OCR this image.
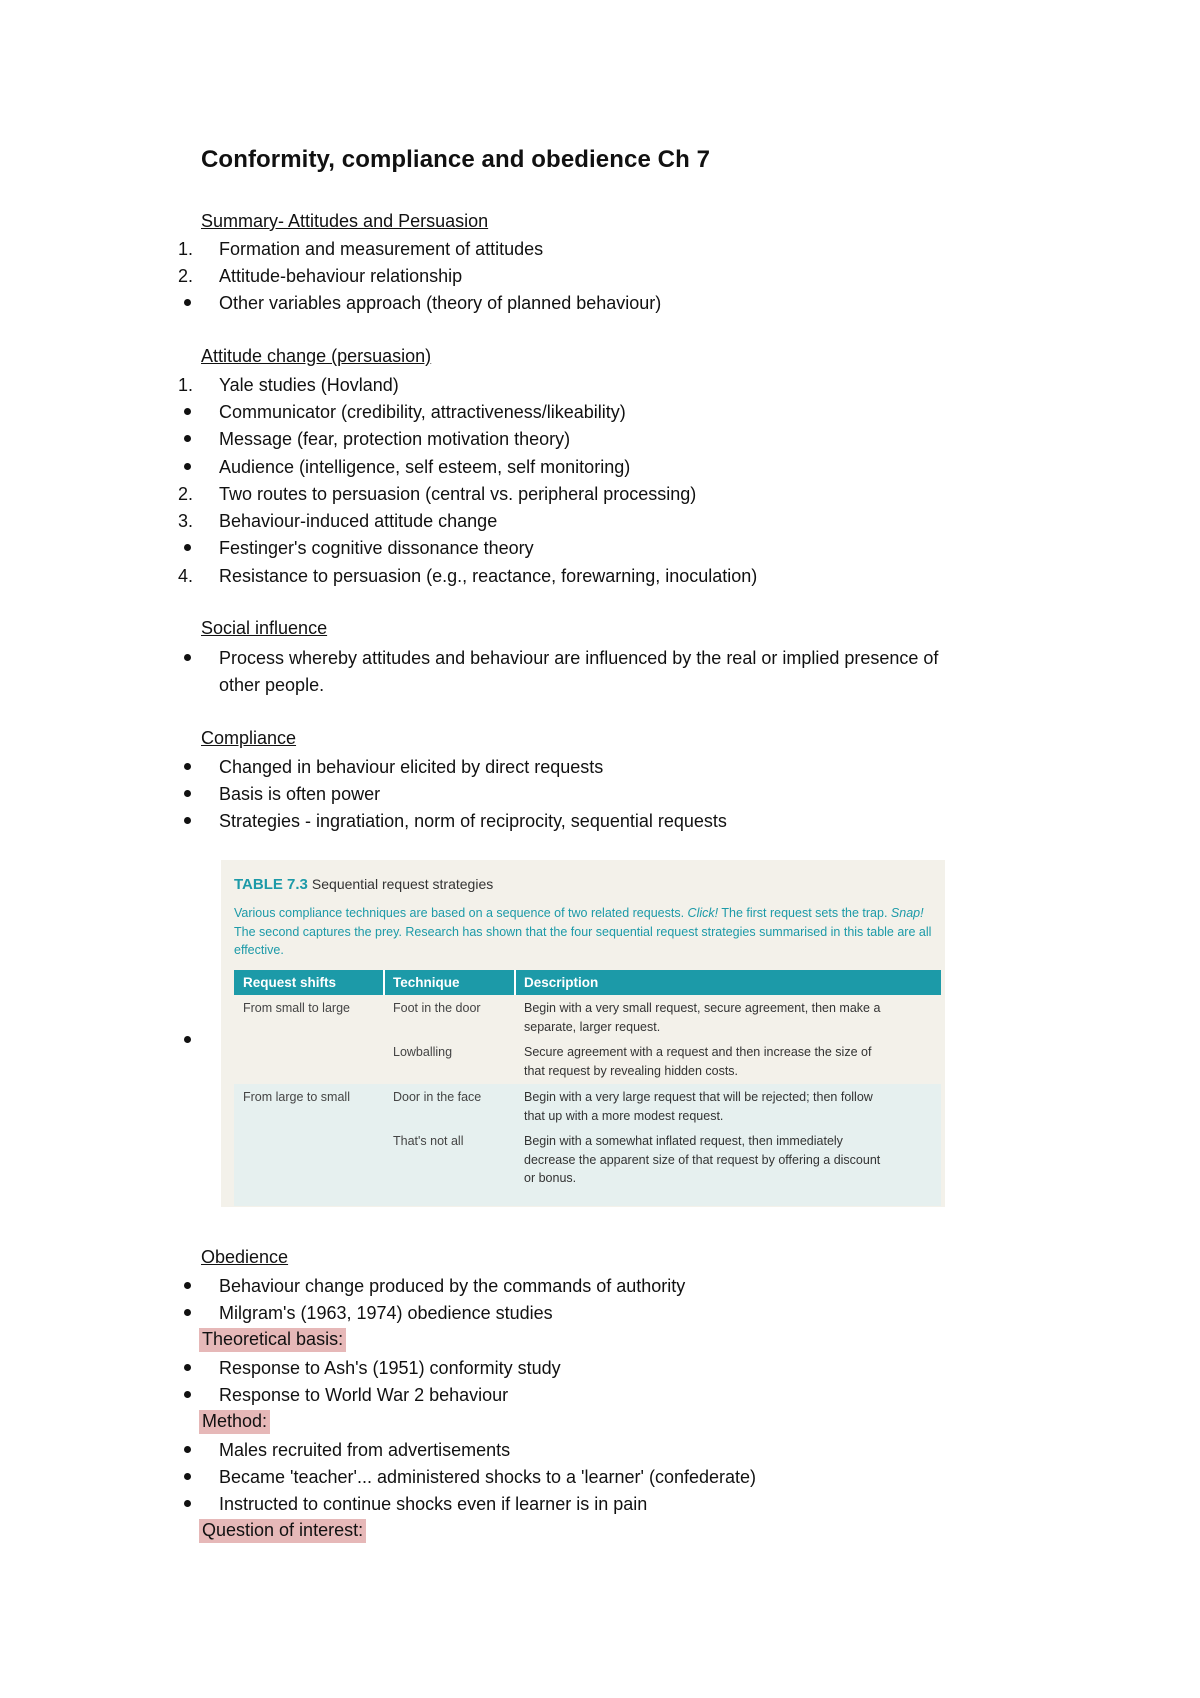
Conformity, compliance and obedience Ch 7
Summary- Attitudes and Persuasion
1.	Formation and measurement of attitudes
2.	Attitude-behaviour relationship
Other variables approach (theory of planned behaviour)
Attitude change (persuasion)
1.	Yale studies (Hovland)
Communicator (credibility, attractiveness/likeability)
Message (fear, protection motivation theory)
Audience (intelligence, self esteem, self monitoring)
2.	Two routes to persuasion (central vs. peripheral processing)
3.	Behaviour-induced attitude change
Festinger's cognitive dissonance theory
4.	Resistance to persuasion (e.g., reactance, forewarning, inoculation)
Social influence
Process whereby attitudes and behaviour are influenced by the real or implied presence of
other people.
Compliance
Changed in behaviour elicited by direct requests
Basis is often power
Strategies - ingratiation, norm of reciprocity, sequential requests
TABLE 7.3 Sequential request strategies
Various compliance techniques are based on a sequence of two related requests. Click! The first request sets the trap. Snap! The second captures the prey. Research has shown that the four sequential request strategies summarised in this table are all effective.
Request shifts	Technique	Description
From small to large	Foot in the door	Begin with a very small request, secure agreement, then make a
separate, larger request.
Lowballing	Secure agreement with a request and then increase the size of
that request by revealing hidden costs.
From large to small	Door in the face	Begin with a very large request that will be rejected; then follow
that up with a more modest request.
That's not all	Begin with a somewhat inflated request, then immediately
decrease the apparent size of that request by offering a discount
or bonus.
Obedience
Behaviour change produced by the commands of authority
Milgram's (1963, 1974) obedience studies
Theoretical basis:
Response to Ash's (1951) conformity study
Response to World War 2 behaviour
Method:
Males recruited from advertisements
Became 'teacher'... administered shocks to a 'learner' (confederate)
Instructed to continue shocks even if learner is in pain
Question of interest:
